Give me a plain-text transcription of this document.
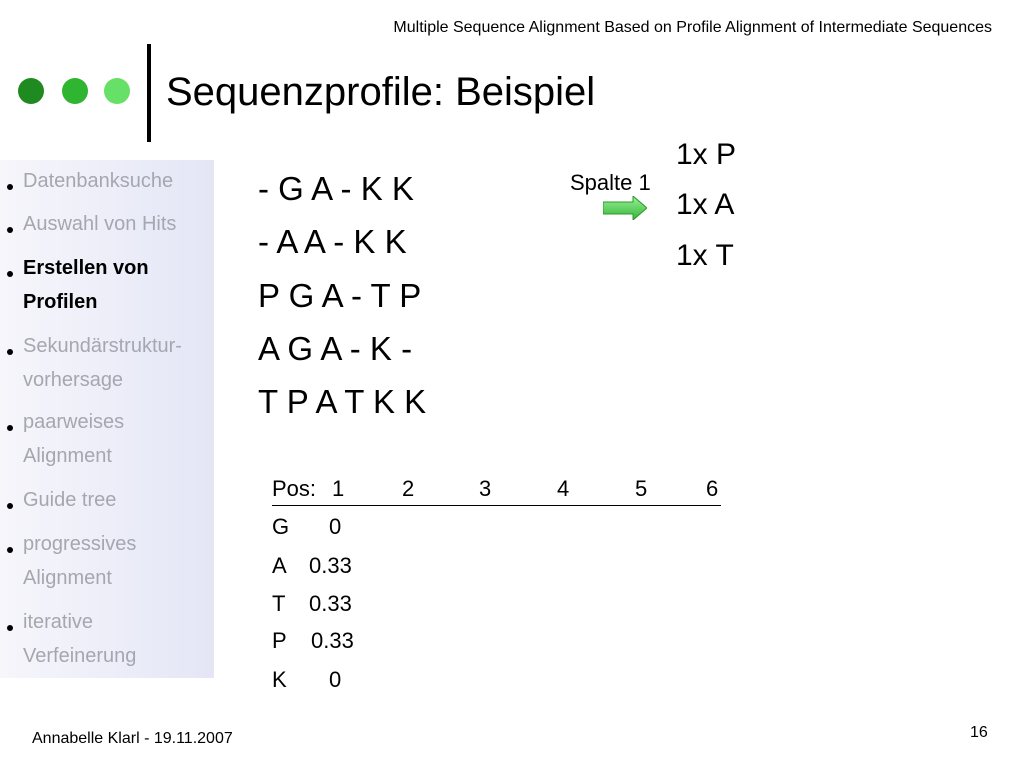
Multiple Sequence Alignment Based on Profile Alignment of Intermediate Sequences
Sequenzprofile: Beispiel
Datenbanksuche
Auswahl von Hits
Erstellen von Profilen
Sekundärstruktur-vorhersage
paarweises Alignment
Guide tree
progressives Alignment
iterative Verfeinerung
- G A - K K
- A A - K K
P G A - T P
A G A - K -
T P A T K K
Spalte 1
1x P
1x A
1x T
Pos: 1	2	3	4	5	6
G 0
A 0.33
T 0.33
P 0.33
K 0
Annabelle Klarl - 19.11.2007	16
